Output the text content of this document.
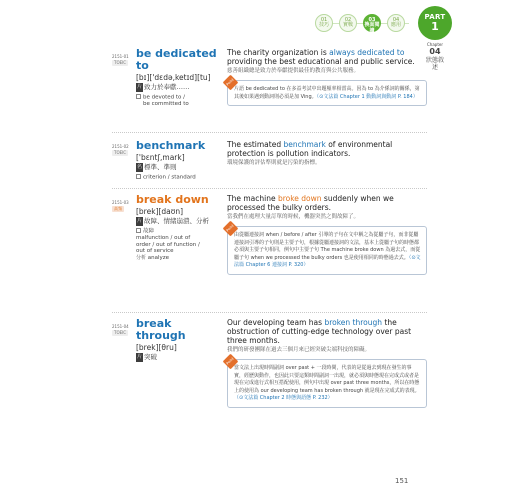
01
技巧
02
實戰
03
換面閱讀
04
應用
PART
1
Chapter
04
狀態敘述
2151-01
TOEIC
be dedicated to
[bɪ]['dɛdə,ketɪd][tu]
片 致力於奉獻……
be devoted to /
be committed to
The charity organization is always dedicated to providing the best educational and public service.
慈善組織總是致力於奉獻提供最佳的教育與公共服務。
Point
片語 be dedicated to 在多益考試中出題頻率相當高。因為 to 為介係詞的關係，第其後如果遇到動詞則必須是加 Ving。（⊙文法篇 Chapter 1 動動詞與動詞 P. 184）
2151-02
TOEIC
benchmark
['bɛntʃ,mark]
名 標準、準則
criterion / standard
The estimated benchmark of environmental protection is pollution indicators.
環境保護的評估準則就是污染的指標。
2151-03
高頻
break down
[brek][daʊn]
片 故障、情緒崩潰、分析
故障
malfunction / out of
order / out of function /
out of service
分析 analyze
The machine broke down suddenly when we processed the bulky orders.
當我們在處理大量訂單的時候，機器突然之間故障了。
Point
由從屬連接詞 when / before / after 引導的子句在文中稱之為從屬子句，而非從屬連接詞引導的子句則是主要子句，根據從屬連接詞的文法，基本上從屬子句的時態都必須與主要子句相同，例句中主要子句 The machine broke down 為過去式，而從屬子句 when we processed the bulky orders 也是使用相同的時態過去式。（⊙文法篇 Chapter 6 連接詞 P. 320）
2151-04
TOEIC
break through
[brek][θru]
片 突破
Our developing team has broken through the obstruction of cutting-edge technology over past three months.
我們的研發團隊在過去三個月來已經突破尖端科技的障礙。
Point
當文法上出現時間副詞 over past + 一段時間，代表的是從過去到現在發生的事實，經歷與動作，也因此只要這類時間副詞一出現，就必須與時態現在完成式或者是現在完成進行式相互搭配使用，例句中出現 over past three months，所以在時態上的使用為 our developing team has broken through 就是現在完成式的表現。（⊙文法篇 Chapter 2 時態與語態 P. 232）
151
